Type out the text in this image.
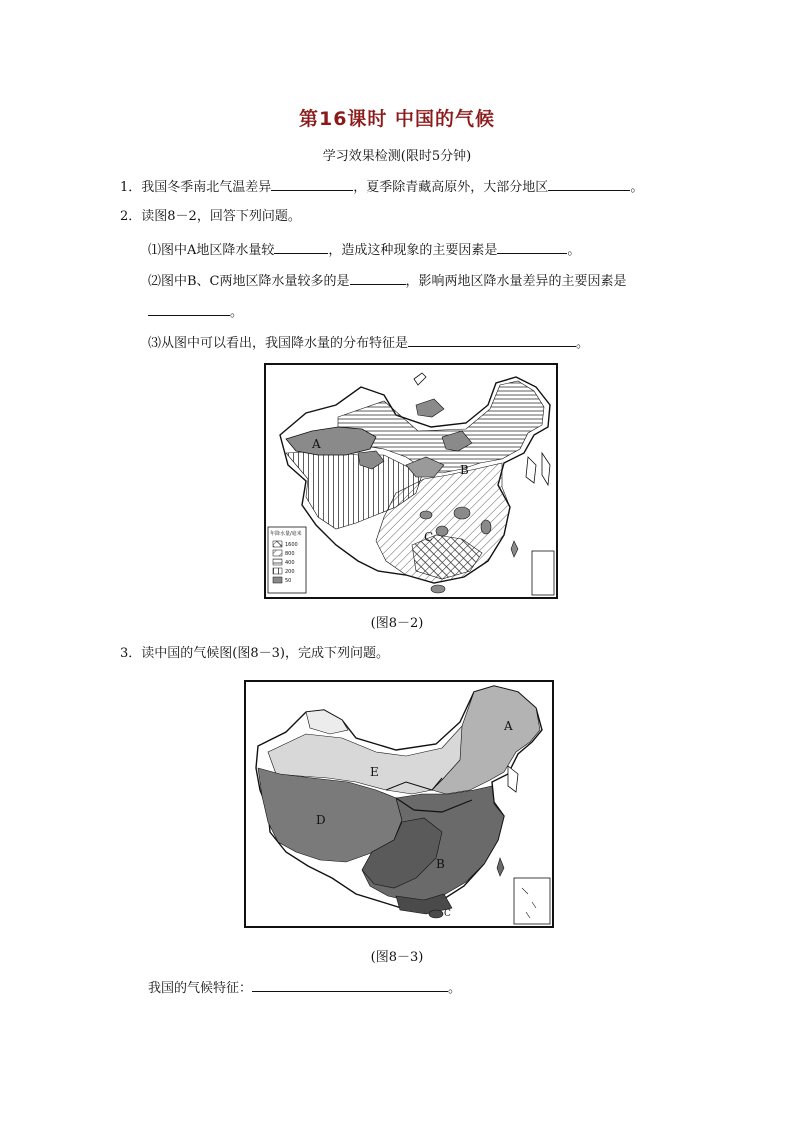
第16课时 中国的气候
学习效果检测(限时5分钟)
1．我国冬季南北气温差异	，夏季除青藏高原外，大部分地区	。
2．读图8－2，回答下列问题。
⑴图中A地区降水量较	，造成这种现象的主要因素是	。
⑵图中B、C两地区降水量较多的是	，影响两地区降水量差异的主要因素是
。
⑶从图中可以看出，我国降水量的分布特征是	。
A
B
C
年降水量/毫米
1600
800
400
200
50
(图8－2)
3．读中国的气候图(图8－3)，完成下列问题。
A
B
C
D
E
(图8－3)
我国的气候特征：	。
